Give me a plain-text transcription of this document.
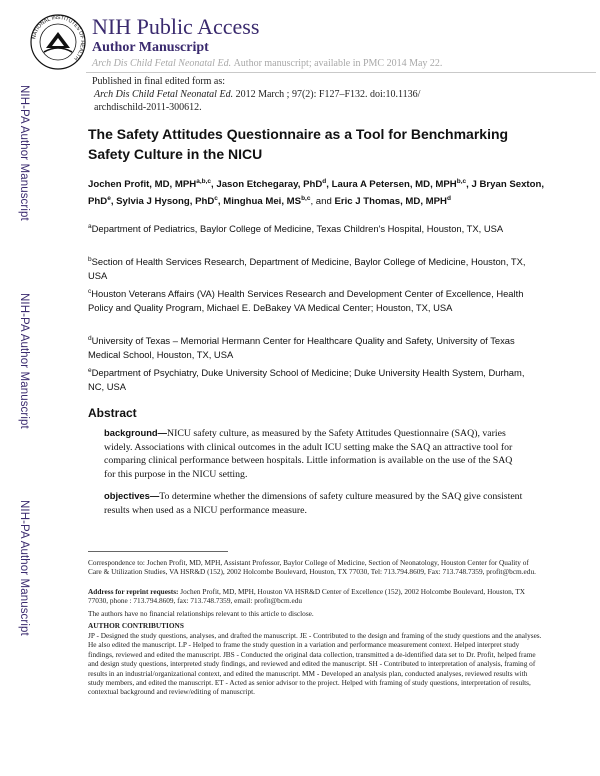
NATIONAL INSTITUTES OF HEALTH
NIH Public Access
Author Manuscript
Arch Dis Child Fetal Neonatal Ed. Author manuscript; available in PMC 2014 May 22.
NIH-PA Author Manuscript
NIH-PA Author Manuscript
NIH-PA Author Manuscript
Published in final edited form as:
Arch Dis Child Fetal Neonatal Ed. 2012 March ; 97(2): F127–F132. doi:10.1136/
archdischild-2011-300612.
The Safety Attitudes Questionnaire as a Tool for Benchmarking
Safety Culture in the NICU
Jochen Profit, MD, MPH$^{a,b,c}$, Jason Etchegaray, PhD$^d$, Laura A Petersen, MD, MPH$^{b,c}$, J Bryan Sexton, PhD$^e$, Sylvia J Hysong, PhD$^c$, Minghua Mei, MS$^{b,c}$, and Eric J Thomas, MD, MPH$^d$
$^a$Department of Pediatrics, Baylor College of Medicine, Texas Children's Hospital, Houston, TX, USA
$^b$Section of Health Services Research, Department of Medicine, Baylor College of Medicine, Houston, TX, USA
$^c$Houston Veterans Affairs (VA) Health Services Research and Development Center of Excellence, Health Policy and Quality Program, Michael E. DeBakey VA Medical Center; Houston, TX, USA
$^d$University of Texas – Memorial Hermann Center for Healthcare Quality and Safety, University of Texas Medical School, Houston, TX, USA
$^e$Department of Psychiatry, Duke University School of Medicine; Duke University Health System, Durham, NC, USA
Abstract
background—NICU safety culture, as measured by the Safety Attitudes Questionnaire (SAQ), varies widely. Associations with clinical outcomes in the adult ICU setting make the SAQ an attractive tool for comparing clinical performance between hospitals. Little information is available on the use of the SAQ for this purpose in the NICU setting.
objectives—To determine whether the dimensions of safety culture measured by the SAQ give consistent results when used as a NICU performance measure.
Correspondence to: Jochen Profit, MD, MPH, Assistant Professor, Baylor College of Medicine, Section of Neonatology, Houston Center for Quality of Care & Utilization Studies, VA HSR&D (152), 2002 Holcombe Boulevard, Houston, TX 77030, Tel: 713.794.8609, Fax: 713.748.7359, profit@bcm.edu.
Address for reprint requests: Jochen Profit, MD, MPH, Houston VA HSR&D Center of Excellence (152), 2002 Holcombe Boulevard, Houston, TX 77030, phone : 713.794.8609, fax: 713.748.7359, email: profit@bcm.edu
The authors have no financial relationships relevant to this article to disclose.
AUTHOR CONTRIBUTIONS
JP - Designed the study questions, analyses, and drafted the manuscript. JE - Contributed to the design and framing of the study questions and the analyses. He also edited the manuscript. LP - Helped to frame the study question in a variation and performance measurement context. Helped interpret study findings, reviewed and edited the manuscript. JBS - Conducted the original data collection, transmitted a de-identified data set to Dr. Profit, helped frame and design study questions, interpreted study findings, and reviewed and edited the manuscript. SH - Contributed to interpretation of analysis, framing of results in an industrial/organizational context, and edited the manuscript. MM - Developed an analysis plan, conducted analyses, reviewed results with study members, and edited the manuscript. ET - Acted as senior advisor to the project. Helped with framing of study questions, interpretation of results, contextual background and review/editing of manuscript.
